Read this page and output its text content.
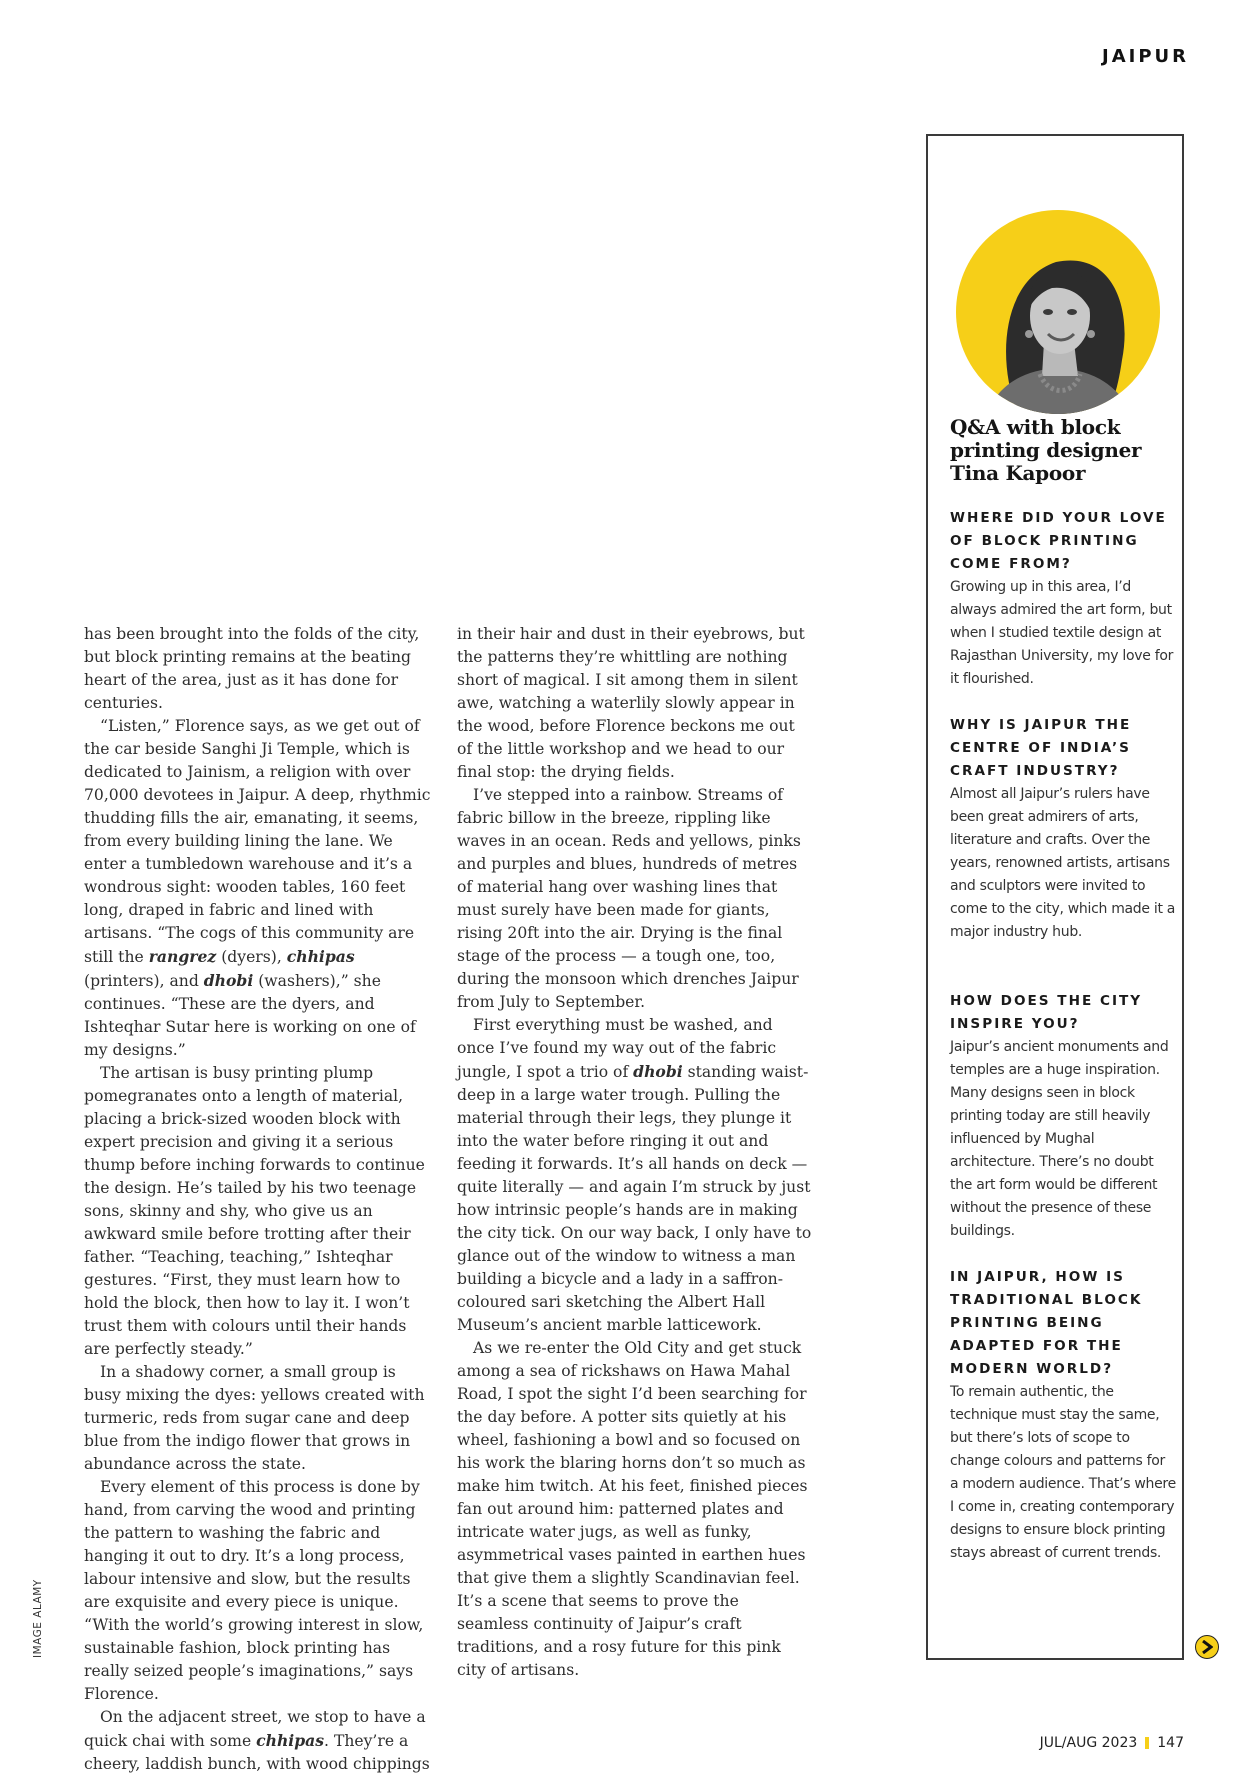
JAIPUR

has been brought into the folds of the city, but block printing remains at the beating heart of the area, just as it has done for centuries.

“Listen,” Florence says, as we get out of the car beside Sanghi Ji Temple, which is dedicated to Jainism, a religion with over 70,000 devotees in Jaipur. A deep, rhythmic thudding fills the air, emanating, it seems, from every building lining the lane. We enter a tumbledown warehouse and it’s a wondrous sight: wooden tables, 160 feet long, draped in fabric and lined with artisans. “The cogs of this community are still the rangrez (dyers), chhipas (printers), and dhobi (washers),” she continues. “These are the dyers, and Ishteqhar Sutar here is working on one of my designs.”

The artisan is busy printing plump pomegranates onto a length of material, placing a brick-sized wooden block with expert precision and giving it a serious thump before inching forwards to continue the design. He’s tailed by his two teenage sons, skinny and shy, who give us an awkward smile before trotting after their father. “Teaching, teaching,” Ishteqhar gestures. “First, they must learn how to hold the block, then how to lay it. I won’t trust them with colours until their hands are perfectly steady.”

In a shadowy corner, a small group is busy mixing the dyes: yellows created with turmeric, reds from sugar cane and deep blue from the indigo flower that grows in abundance across the state.

Every element of this process is done by hand, from carving the wood and printing the pattern to washing the fabric and hanging it out to dry. It’s a long process, labour intensive and slow, but the results are exquisite and every piece is unique. “With the world’s growing interest in slow, sustainable fashion, block printing has really seized people’s imaginations,” says Florence.

On the adjacent street, we stop to have a quick chai with some chhipas. They’re a cheery, laddish bunch, with wood chippings

in their hair and dust in their eyebrows, but the patterns they’re whittling are nothing short of magical. I sit among them in silent awe, watching a waterlily slowly appear in the wood, before Florence beckons me out of the little workshop and we head to our final stop: the drying fields.

I’ve stepped into a rainbow. Streams of fabric billow in the breeze, rippling like waves in an ocean. Reds and yellows, pinks and purples and blues, hundreds of metres of material hang over washing lines that must surely have been made for giants, rising 20ft into the air. Drying is the final stage of the process — a tough one, too, during the monsoon which drenches Jaipur from July to September.

First everything must be washed, and once I’ve found my way out of the fabric jungle, I spot a trio of dhobi standing waist-deep in a large water trough. Pulling the material through their legs, they plunge it into the water before ringing it out and feeding it forwards. It’s all hands on deck — quite literally — and again I’m struck by just how intrinsic people’s hands are in making the city tick. On our way back, I only have to glance out of the window to witness a man building a bicycle and a lady in a saffron-coloured sari sketching the Albert Hall Museum’s ancient marble latticework.

As we re-enter the Old City and get stuck among a sea of rickshaws on Hawa Mahal Road, I spot the sight I’d been searching for the day before. A potter sits quietly at his wheel, fashioning a bowl and so focused on his work the blaring horns don’t so much as make him twitch. At his feet, finished pieces fan out around him: patterned plates and intricate water jugs, as well as funky, asymmetrical vases painted in earthen hues that give them a slightly Scandinavian feel. It’s a scene that seems to prove the seamless continuity of Jaipur’s craft traditions, and a rosy future for this pink city of artisans.

Q&A with block printing designer Tina Kapoor
WHERE DID YOUR LOVE OF BLOCK PRINTING COME FROM?
Growing up in this area, I’d always admired the art form, but when I studied textile design at Rajasthan University, my love for it flourished.
WHY IS JAIPUR THE CENTRE OF INDIA’S CRAFT INDUSTRY?
Almost all Jaipur’s rulers have been great admirers of arts, literature and crafts. Over the years, renowned artists, artisans and sculptors were invited to come to the city, which made it a major industry hub.
HOW DOES THE CITY INSPIRE YOU?
Jaipur’s ancient monuments and temples are a huge inspiration. Many designs seen in block printing today are still heavily influenced by Mughal architecture. There’s no doubt the art form would be different without the presence of these buildings.
IN JAIPUR, HOW IS TRADITIONAL BLOCK PRINTING BEING ADAPTED FOR THE MODERN WORLD?
To remain authentic, the technique must stay the same, but there’s lots of scope to change colours and patterns for a modern audience. That’s where I come in, creating contemporary designs to ensure block printing stays abreast of current trends.
IMAGE ALAMY
JUL/AUG 2023 147
